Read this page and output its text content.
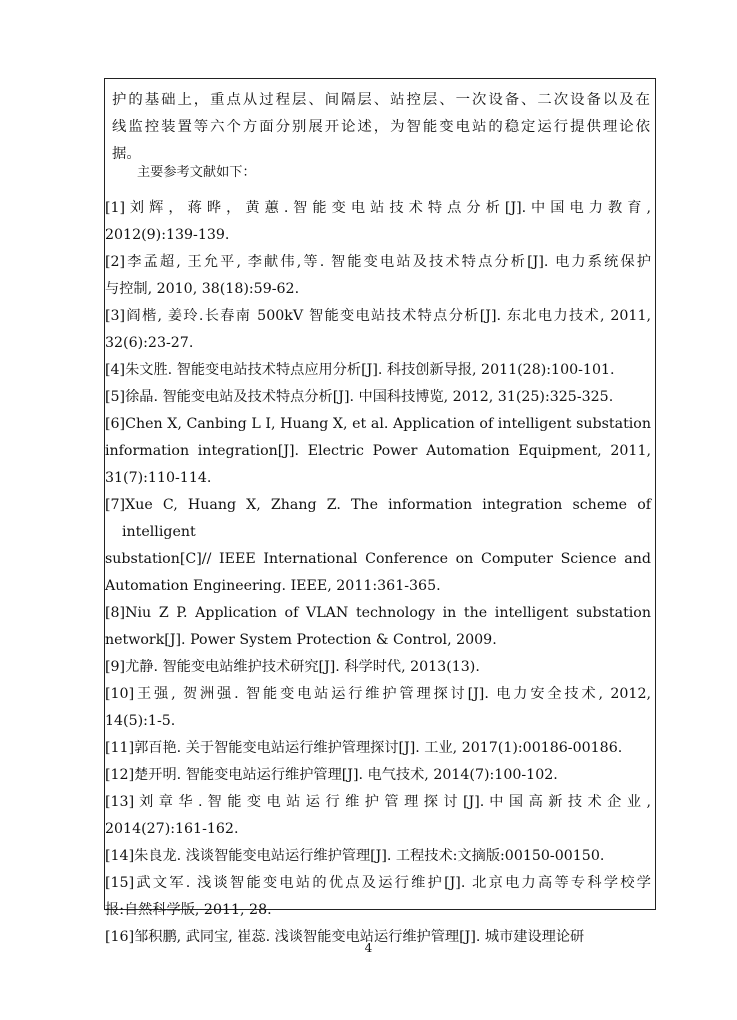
护的基础上，重点从过程层、间隔层、站控层、一次设备、二次设备以及在
线监控装置等六个方面分别展开论述，为智能变电站的稳定运行提供理论依
据。
主要参考文献如下：
[1] 刘 辉 ， 蒋 晔 ， 黄 蕙 . 智 能 变 电 站 技 术 特 点 分 析 [J]. 中 国 电 力 教 育 ,
2012(9):139-139.
[2]李孟超, 王允平, 李献伟,等. 智能变电站及技术特点分析[J]. 电力系统保护
与控制, 2010, 38(18):59-62.
[3]阎楷, 姜玲.长春南 500kV 智能变电站技术特点分析[J]. 东北电力技术, 2011,
32(6):23-27.
[4]朱文胜. 智能变电站技术特点应用分析[J]. 科技创新导报, 2011(28):100-101.
[5]徐晶. 智能变电站及技术特点分析[J]. 中国科技博览, 2012, 31(25):325-325.
[6]Chen X, Canbing L I, Huang X, et al. Application of intelligent substation
information integration[J]. Electric Power Automation Equipment, 2011,
31(7):110-114.
[7]Xue C, Huang X, Zhang Z. The information integration scheme of intelligent
substation[C]// IEEE International Conference on Computer Science and
Automation Engineering. IEEE, 2011:361-365.
[8]Niu Z P. Application of VLAN technology in the intelligent substation
network[J]. Power System Protection & Control, 2009.
[9]尤静. 智能变电站维护技术研究[J]. 科学时代, 2013(13).
[10]王强, 贺洲强. 智能变电站运行维护管理探讨[J]. 电力安全技术, 2012,
14(5):1-5.
[11]郭百艳. 关于智能变电站运行维护管理探讨[J]. 工业, 2017(1):00186-00186.
[12]楚开明. 智能变电站运行维护管理[J]. 电气技术, 2014(7):100-102.
[13] 刘 章 华 . 智 能 变 电 站 运 行 维 护 管 理 探 讨 [J]. 中 国 高 新 技 术 企 业 ,
2014(27):161-162.
[14]朱良龙. 浅谈智能变电站运行维护管理[J]. 工程技术:文摘版:00150-00150.
[15]武文军. 浅谈智能变电站的优点及运行维护[J]. 北京电力高等专科学校学
报:自然科学版, 2011, 28.
[16]邹积鹏, 武同宝, 崔蕊. 浅谈智能变电站运行维护管理[J]. 城市建设理论研
4
